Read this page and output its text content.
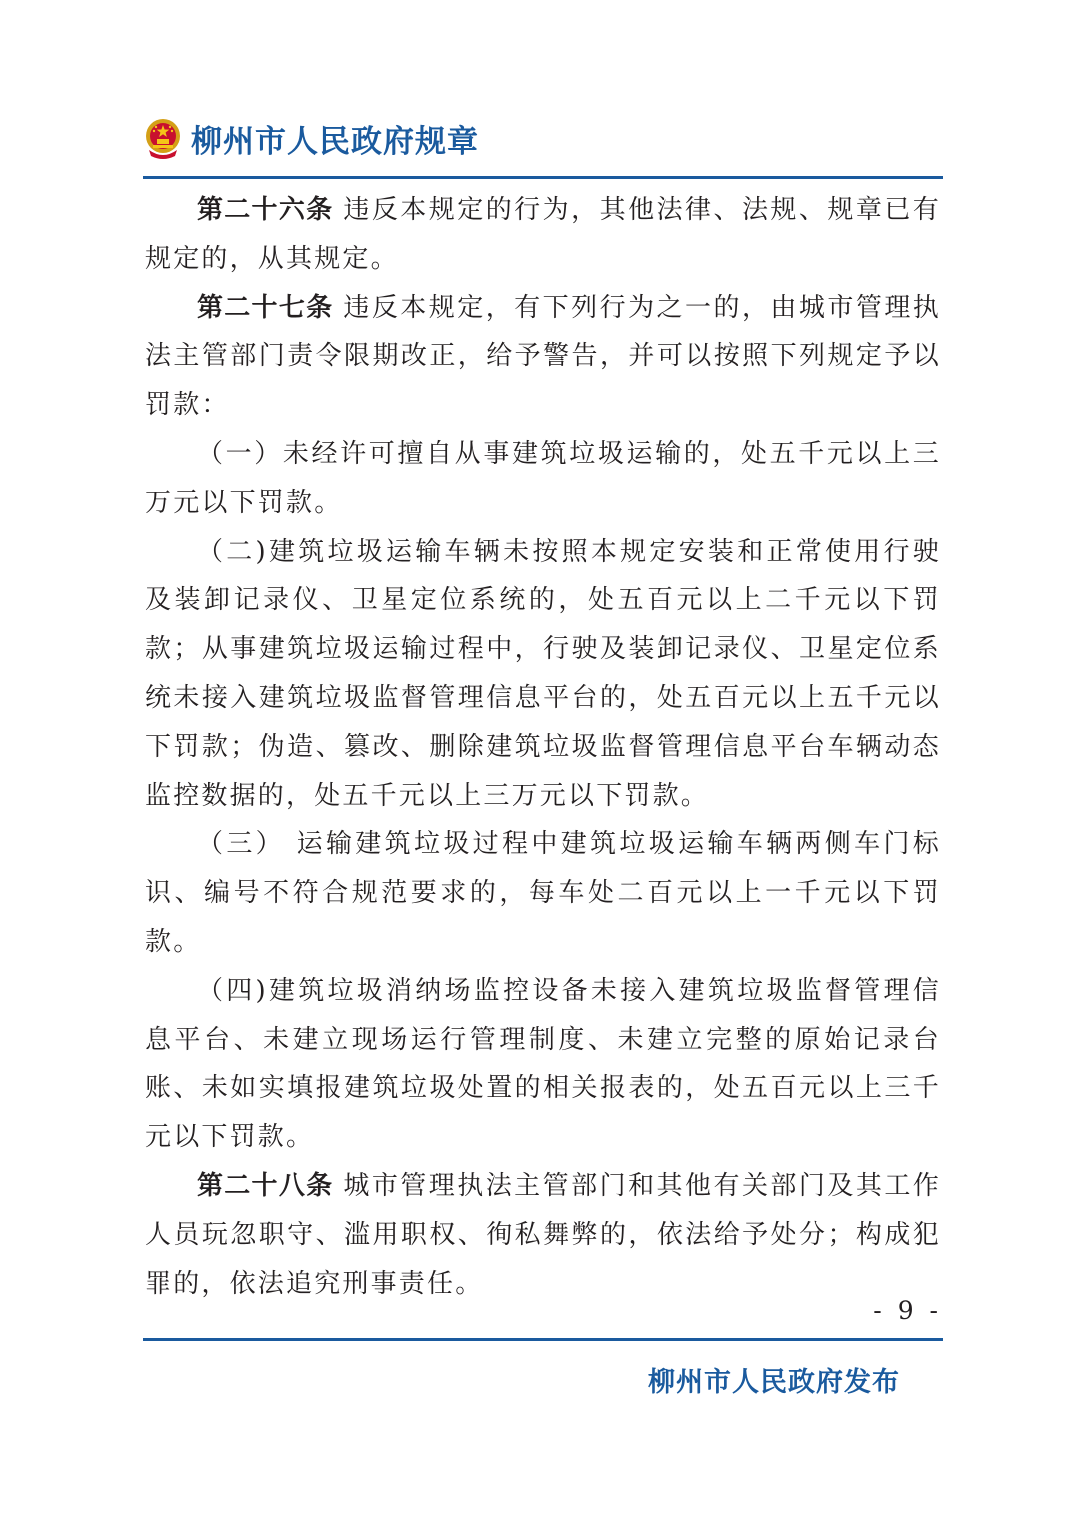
柳州市人民政府规章

第二十六条 违反本规定的行为，其他法律、法规、规章已有规定的，从其规定。

第二十七条 违反本规定，有下列行为之一的，由城市管理执法主管部门责令限期改正，给予警告，并可以按照下列规定予以罚款：

（一）未经许可擅自从事建筑垃圾运输的，处五千元以上三万元以下罚款。

（二)建筑垃圾运输车辆未按照本规定安装和正常使用行驶及装卸记录仪、卫星定位系统的，处五百元以上二千元以下罚款；从事建筑垃圾运输过程中，行驶及装卸记录仪、卫星定位系统未接入建筑垃圾监督管理信息平台的，处五百元以上五千元以下罚款；伪造、篡改、删除建筑垃圾监督管理信息平台车辆动态监控数据的，处五千元以上三万元以下罚款。

（三） 运输建筑垃圾过程中建筑垃圾运输车辆两侧车门标识、编号不符合规范要求的，每车处二百元以上一千元以下罚款。

（四)建筑垃圾消纳场监控设备未接入建筑垃圾监督管理信息平台、未建立现场运行管理制度、未建立完整的原始记录台账、未如实填报建筑垃圾处置的相关报表的，处五百元以上三千元以下罚款。

第二十八条 城市管理执法主管部门和其他有关部门及其工作人员玩忽职守、滥用职权、徇私舞弊的，依法给予处分；构成犯罪的，依法追究刑事责任。

- 9 -
柳州市人民政府发布
